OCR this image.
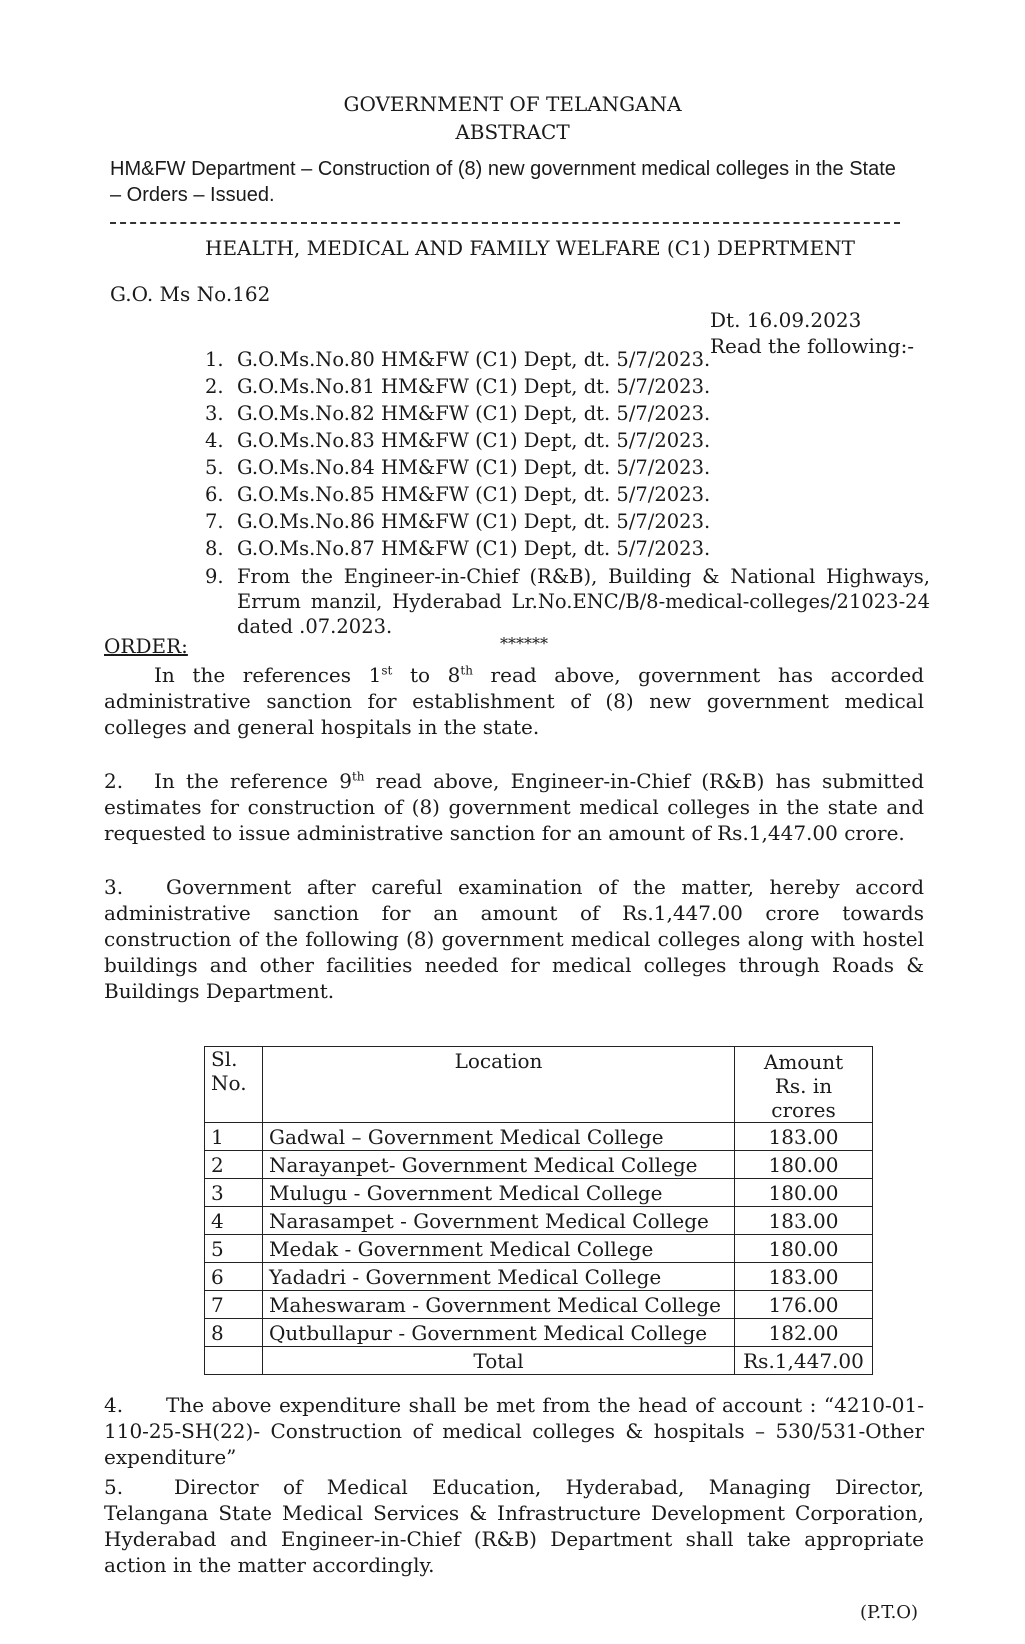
GOVERNMENT OF TELANGANA
ABSTRACT
HM&FW Department – Construction of (8) new government medical colleges in the State – Orders – Issued.
HEALTH, MEDICAL AND FAMILY WELFARE (C1) DEPRTMENT
G.O. Ms No.162
Dt. 16.09.2023
Read the following:-
1. G.O.Ms.No.80 HM&FW (C1) Dept, dt. 5/7/2023.
2. G.O.Ms.No.81 HM&FW (C1) Dept, dt. 5/7/2023.
3. G.O.Ms.No.82 HM&FW (C1) Dept, dt. 5/7/2023.
4. G.O.Ms.No.83 HM&FW (C1) Dept, dt. 5/7/2023.
5. G.O.Ms.No.84 HM&FW (C1) Dept, dt. 5/7/2023.
6. G.O.Ms.No.85 HM&FW (C1) Dept, dt. 5/7/2023.
7. G.O.Ms.No.86 HM&FW (C1) Dept, dt. 5/7/2023.
8. G.O.Ms.No.87 HM&FW (C1) Dept, dt. 5/7/2023.
9. From the Engineer-in-Chief (R&B), Building & National Highways, Errum manzil, Hyderabad Lr.No.ENC/B/8-medical-colleges/21023-24 dated .07.2023.
ORDER:	******
In the references 1st to 8th read above, government has accorded administrative sanction for establishment of (8) new government medical colleges and general hospitals in the state.
2. In the reference 9th read above, Engineer-in-Chief (R&B) has submitted estimates for construction of (8) government medical colleges in the state and requested to issue administrative sanction for an amount of Rs.1,447.00 crore.
3. Government after careful examination of the matter, hereby accord administrative sanction for an amount of Rs.1,447.00 crore towards construction of the following (8) government medical colleges along with hostel buildings and other facilities needed for medical colleges through Roads & Buildings Department.
Sl. No.	Location	Amount
		Rs. in crores
1	Gadwal – Government Medical College	183.00
2	Narayanpet- Government Medical College	180.00
3	Mulugu - Government Medical College	180.00
4	Narasampet - Government Medical College	183.00
5	Medak - Government Medical College	180.00
6	Yadadri - Government Medical College	183.00
7	Maheswaram - Government Medical College	176.00
8	Qutbullapur - Government Medical College	182.00
	Total	Rs.1,447.00
4. The above expenditure shall be met from the head of account : “4210-01-110-25-SH(22)- Construction of medical colleges & hospitals – 530/531-Other expenditure”
5.	Director of Medical Education, Hyderabad, Managing Director, Telangana State Medical Services & Infrastructure Development Corporation, Hyderabad and Engineer-in-Chief (R&B) Department shall take appropriate action in the matter accordingly.
(P.T.O)
